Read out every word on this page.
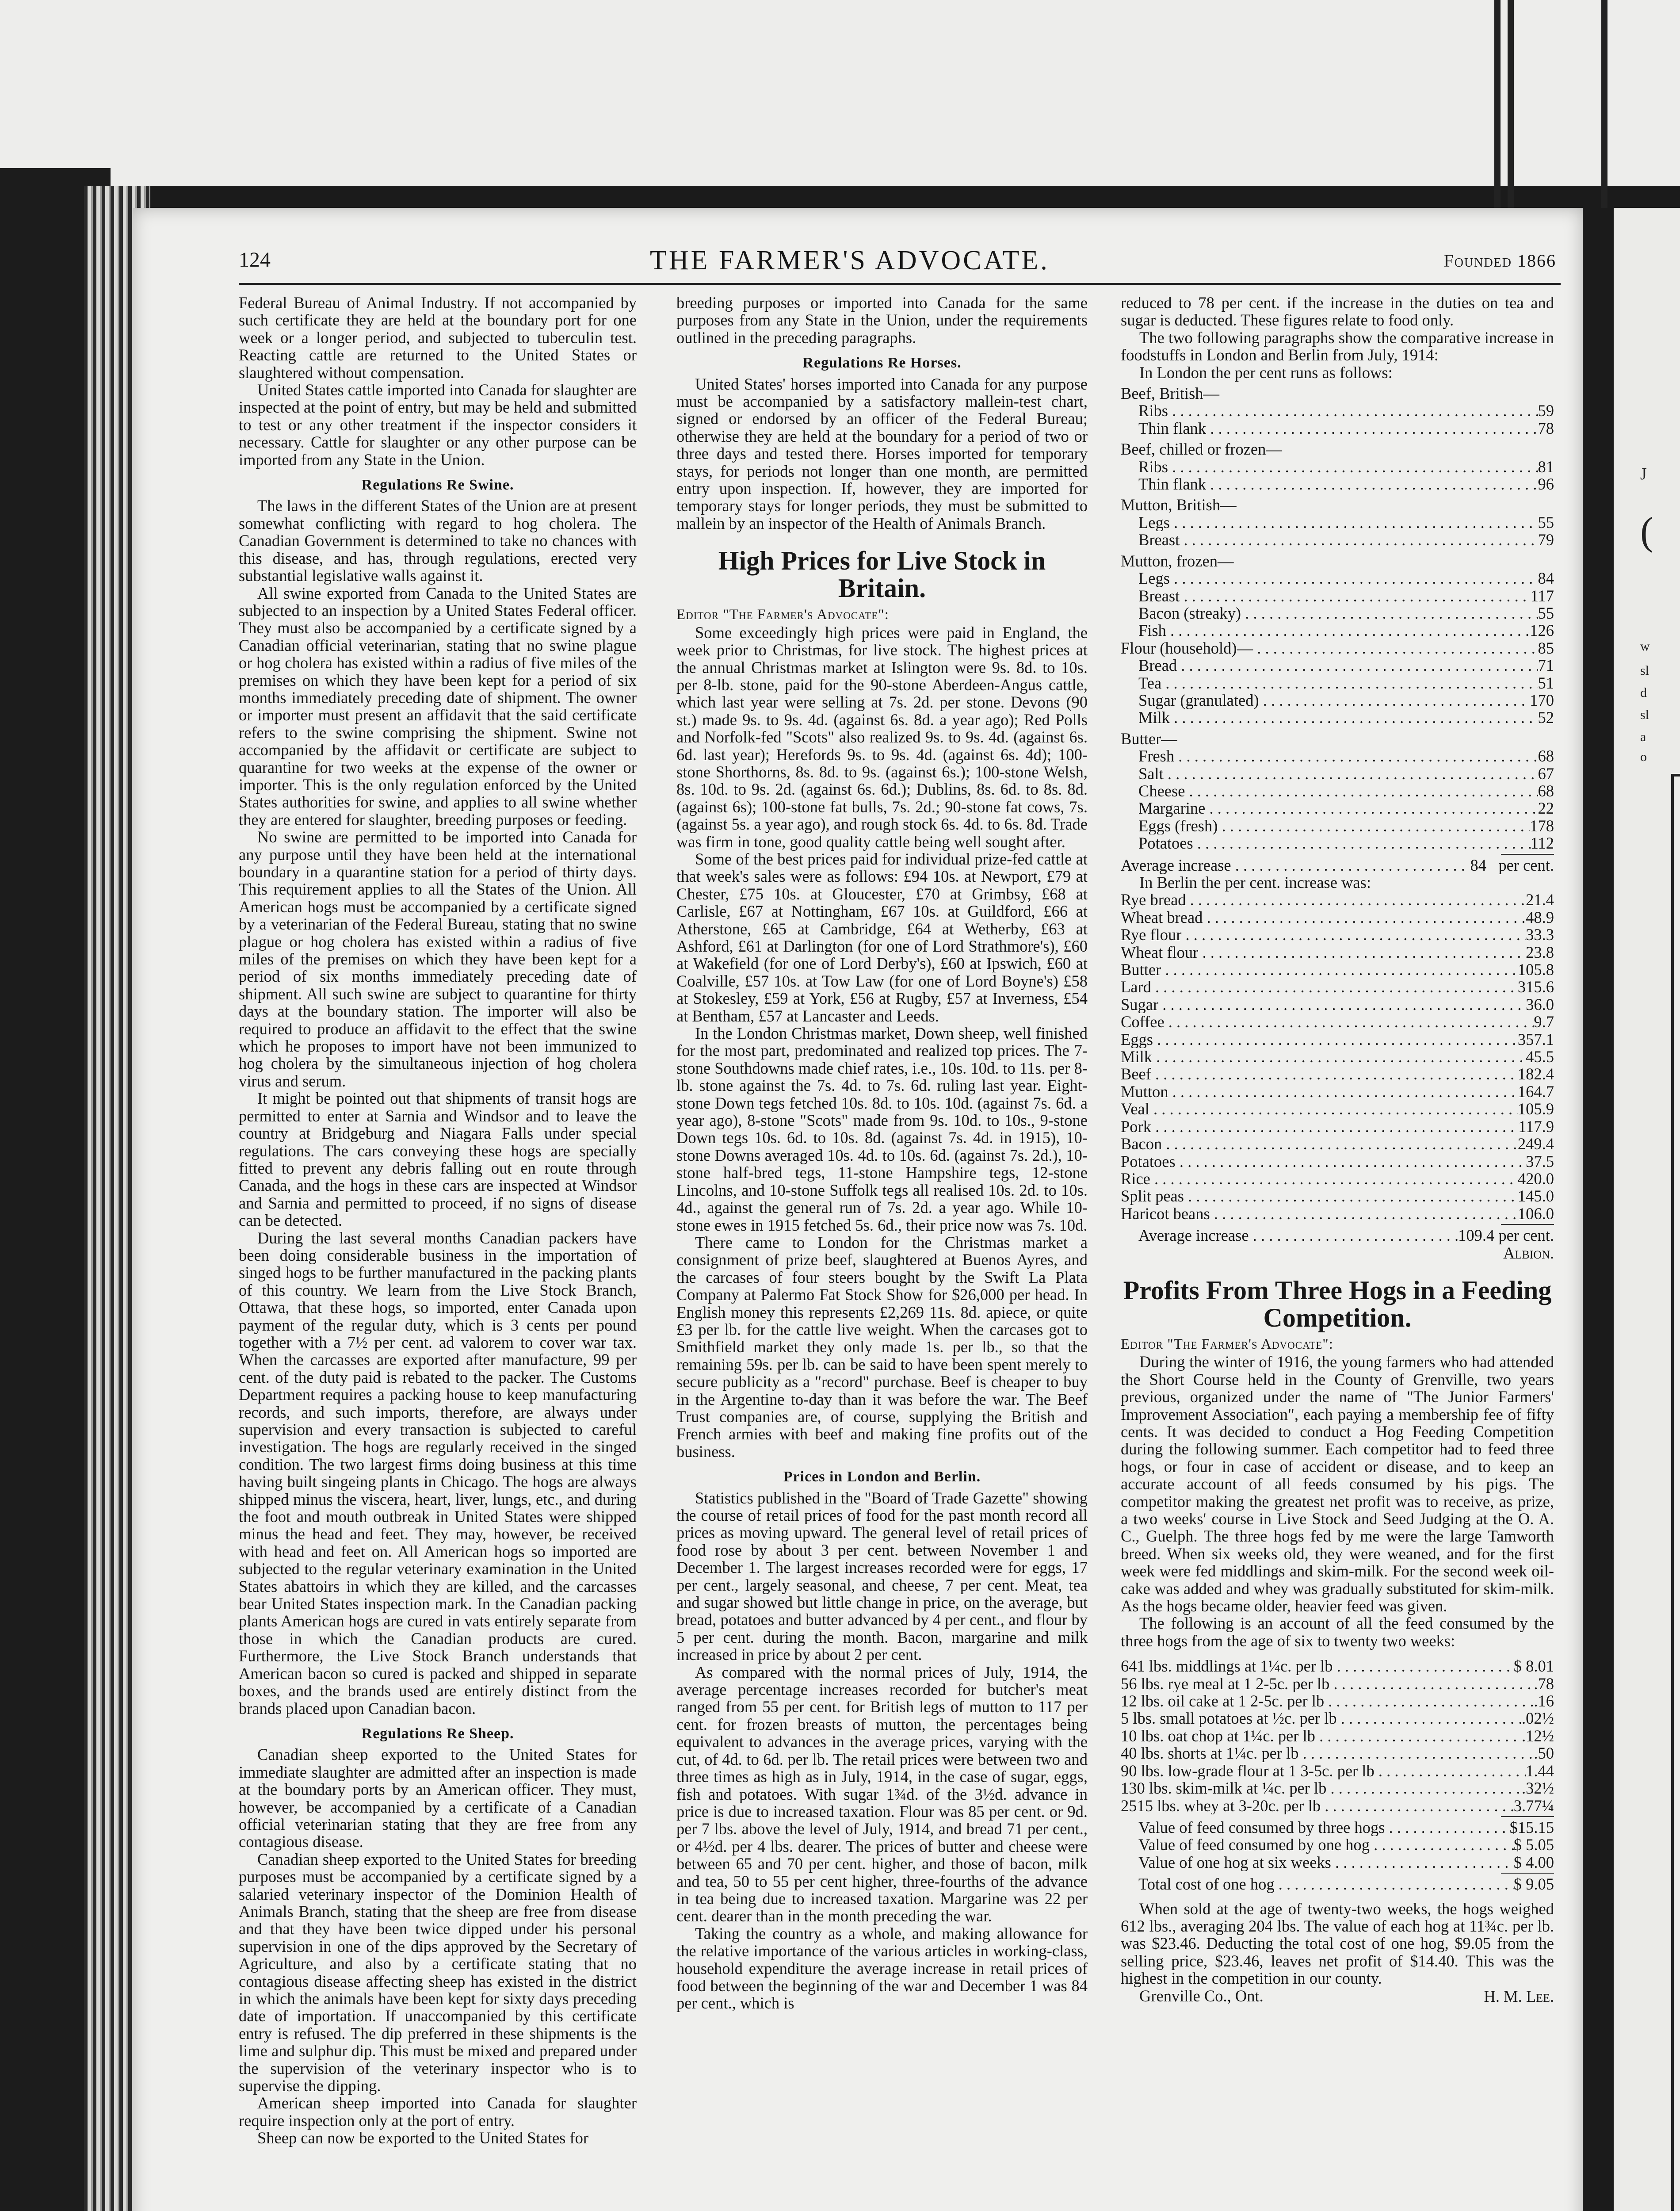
J
(
w
sl
d
sl
a
o
124	THE FARMER'S ADVOCATE.	Founded 1866

Federal Bureau of Animal Industry. If not accompanied by such certificate they are held at the boundary port for one week or a longer period, and subjected to tuberculin test. Reacting cattle are returned to the United States or slaughtered without compensation.

United States cattle imported into Canada for slaughter are inspected at the point of entry, but may be held and submitted to test or any other treatment if the inspector considers it necessary. Cattle for slaughter or any other purpose can be imported from any State in the Union.

Regulations Re Swine.

The laws in the different States of the Union are at present somewhat conflicting with regard to hog cholera. The Canadian Government is determined to take no chances with this disease, and has, through regulations, erected very substantial legislative walls against it.

All swine exported from Canada to the United States are subjected to an inspection by a United States Federal officer. They must also be accompanied by a certificate signed by a Canadian official veterinarian, stating that no swine plague or hog cholera has existed within a radius of five miles of the premises on which they have been kept for a period of six months immediately preceding date of shipment. The owner or importer must present an affidavit that the said certificate refers to the swine comprising the shipment. Swine not accompanied by the affidavit or certificate are subject to quarantine for two weeks at the expense of the owner or importer. This is the only regulation enforced by the United States authorities for swine, and applies to all swine whether they are entered for slaughter, breeding purposes or feeding.

No swine are permitted to be imported into Canada for any purpose until they have been held at the international boundary in a quarantine station for a period of thirty days. This requirement applies to all the States of the Union. All American hogs must be accompanied by a certificate signed by a veterinarian of the Federal Bureau, stating that no swine plague or hog cholera has existed within a radius of five miles of the premises on which they have been kept for a period of six months immediately preceding date of shipment. All such swine are subject to quarantine for thirty days at the boundary station. The importer will also be required to produce an affidavit to the effect that the swine which he proposes to import have not been immunized to hog cholera by the simultaneous injection of hog cholera virus and serum.

It might be pointed out that shipments of transit hogs are permitted to enter at Sarnia and Windsor and to leave the country at Bridgeburg and Niagara Falls under special regulations. The cars conveying these hogs are specially fitted to prevent any debris falling out en route through Canada, and the hogs in these cars are inspected at Windsor and Sarnia and permitted to proceed, if no signs of disease can be detected.

During the last several months Canadian packers have been doing considerable business in the importation of singed hogs to be further manufactured in the packing plants of this country. We learn from the Live Stock Branch, Ottawa, that these hogs, so imported, enter Canada upon payment of the regular duty, which is 3 cents per pound together with a 7½ per cent. ad valorem to cover war tax. When the carcasses are exported after manufacture, 99 per cent. of the duty paid is rebated to the packer. The Customs Department requires a packing house to keep manufacturing records, and such imports, therefore, are always under supervision and every transaction is subjected to careful investigation. The hogs are regularly received in the singed condition. The two largest firms doing business at this time having built singeing plants in Chicago. The hogs are always shipped minus the viscera, heart, liver, lungs, etc., and during the foot and mouth outbreak in United States were shipped minus the head and feet. They may, however, be received with head and feet on. All American hogs so imported are subjected to the regular veterinary examination in the United States abattoirs in which they are killed, and the carcasses bear United States inspection mark. In the Canadian packing plants American hogs are cured in vats entirely separate from those in which the Canadian products are cured. Furthermore, the Live Stock Branch understands that American bacon so cured is packed and shipped in separate boxes, and the brands used are entirely distinct from the brands placed upon Canadian bacon.

Regulations Re Sheep.

Canadian sheep exported to the United States for immediate slaughter are admitted after an inspection is made at the boundary ports by an American officer. They must, however, be accompanied by a certificate of a Canadian official veterinarian stating that they are free from any contagious disease.

Canadian sheep exported to the United States for breeding purposes must be accompanied by a certificate signed by a salaried veterinary inspector of the Dominion Health of Animals Branch, stating that the sheep are free from disease and that they have been twice dipped under his personal supervision in one of the dips approved by the Secretary of Agriculture, and also by a certificate stating that no contagious disease affecting sheep has existed in the district in which the animals have been kept for sixty days preceding date of importation. If unaccompanied by this certificate entry is refused. The dip preferred in these shipments is the lime and sulphur dip. This must be mixed and prepared under the supervision of the veterinary inspector who is to supervise the dipping.

American sheep imported into Canada for slaughter require inspection only at the port of entry.

Sheep can now be exported to the United States for

breeding purposes or imported into Canada for the same purposes from any State in the Union, under the requirements outlined in the preceding paragraphs.

Regulations Re Horses.

United States' horses imported into Canada for any purpose must be accompanied by a satisfactory mallein-test chart, signed or endorsed by an officer of the Federal Bureau; otherwise they are held at the boundary for a period of two or three days and tested there. Horses imported for temporary stays, for periods not longer than one month, are permitted entry upon inspection. If, however, they are imported for temporary stays for longer periods, they must be submitted to mallein by an inspector of the Health of Animals Branch.

High Prices for Live Stock in Britain.

Editor "The Farmer's Advocate":

Some exceedingly high prices were paid in England, the week prior to Christmas, for live stock. The highest prices at the annual Christmas market at Islington were 9s. 8d. to 10s. per 8-lb. stone, paid for the 90-stone Aberdeen-Angus cattle, which last year were selling at 7s. 2d. per stone. Devons (90 st.) made 9s. to 9s. 4d. (against 6s. 8d. a year ago); Red Polls and Norfolk-fed "Scots" also realized 9s. to 9s. 4d. (against 6s. 6d. last year); Herefords 9s. to 9s. 4d. (against 6s. 4d); 100-stone Shorthorns, 8s. 8d. to 9s. (against 6s.); 100-stone Welsh, 8s. 10d. to 9s. 2d. (against 6s. 6d.); Dublins, 8s. 6d. to 8s. 8d. (against 6s); 100-stone fat bulls, 7s. 2d.; 90-stone fat cows, 7s. (against 5s. a year ago), and rough stock 6s. 4d. to 6s. 8d. Trade was firm in tone, good quality cattle being well sought after.

Some of the best prices paid for individual prize-fed cattle at that week's sales were as follows: £94 10s. at Newport, £79 at Chester, £75 10s. at Gloucester, £70 at Grimbsy, £68 at Carlisle, £67 at Nottingham, £67 10s. at Guildford, £66 at Atherstone, £65 at Cambridge, £64 at Wetherby, £63 at Ashford, £61 at Darlington (for one of Lord Strathmore's), £60 at Wakefield (for one of Lord Derby's), £60 at Ipswich, £60 at Coalville, £57 10s. at Tow Law (for one of Lord Boyne's) £58 at Stokesley, £59 at York, £56 at Rugby, £57 at Inverness, £54 at Bentham, £57 at Lancaster and Leeds.

In the London Christmas market, Down sheep, well finished for the most part, predominated and realized top prices. The 7-stone Southdowns made chief rates, i.e., 10s. 10d. to 11s. per 8-lb. stone against the 7s. 4d. to 7s. 6d. ruling last year. Eight-stone Down tegs fetched 10s. 8d. to 10s. 10d. (against 7s. 6d. a year ago), 8-stone "Scots" made from 9s. 10d. to 10s., 9-stone Down tegs 10s. 6d. to 10s. 8d. (against 7s. 4d. in 1915), 10-stone Downs averaged 10s. 4d. to 10s. 6d. (against 7s. 2d.), 10-stone half-bred tegs, 11-stone Hampshire tegs, 12-stone Lincolns, and 10-stone Suffolk tegs all realised 10s. 2d. to 10s. 4d., against the general run of 7s. 2d. a year ago. While 10-stone ewes in 1915 fetched 5s. 6d., their price now was 7s. 10d.

There came to London for the Christmas market a consignment of prize beef, slaughtered at Buenos Ayres, and the carcases of four steers bought by the Swift La Plata Company at Palermo Fat Stock Show for $26,000 per head. In English money this represents £2,269 11s. 8d. apiece, or quite £3 per lb. for the cattle live weight. When the carcases got to Smithfield market they only made 1s. per lb., so that the remaining 59s. per lb. can be said to have been spent merely to secure publicity as a "record" purchase. Beef is cheaper to buy in the Argentine to-day than it was before the war. The Beef Trust companies are, of course, supplying the British and French armies with beef and making fine profits out of the business.

Prices in London and Berlin.

Statistics published in the "Board of Trade Gazette" showing the course of retail prices of food for the past month record all prices as moving upward. The general level of retail prices of food rose by about 3 per cent. between November 1 and December 1. The largest increases recorded were for eggs, 17 per cent., largely seasonal, and cheese, 7 per cent. Meat, tea and sugar showed but little change in price, on the average, but bread, potatoes and butter advanced by 4 per cent., and flour by 5 per cent. during the month. Bacon, margarine and milk increased in price by about 2 per cent.

As compared with the normal prices of July, 1914, the average percentage increases recorded for butcher's meat ranged from 55 per cent. for British legs of mutton to 117 per cent. for frozen breasts of mutton, the percentages being equivalent to advances in the average prices, varying with the cut, of 4d. to 6d. per lb. The retail prices were between two and three times as high as in July, 1914, in the case of sugar, eggs, fish and potatoes. With sugar 1¾d. of the 3½d. advance in price is due to increased taxation. Flour was 85 per cent. or 9d. per 7 lbs. above the level of July, 1914, and bread 71 per cent., or 4½d. per 4 lbs. dearer. The prices of butter and cheese were between 65 and 70 per cent. higher, and those of bacon, milk and tea, 50 to 55 per cent higher, three-fourths of the advance in tea being due to increased taxation. Margarine was 22 per cent. dearer than in the month preceding the war.

Taking the country as a whole, and making allowance for the relative importance of the various articles in working-class, household expenditure the average increase in retail prices of food between the beginning of the war and December 1 was 84 per cent., which is

reduced to 78 per cent. if the increase in the duties on tea and sugar is deducted. These figures relate to food only.

The two following paragraphs show the comparative increase in foodstuffs in London and Berlin from July, 1914:

In London the per cent runs as follows:

Beef, British—
Ribs . . .	59
Thin flank . . .	78
Beef, chilled or frozen—
Ribs . . .	81
Thin flank . . .	96
Mutton, British—
Legs . . .	55
Breast . . .	79
Mutton, frozen—
Legs . . .	84
Breast . . .	117
Bacon (streaky) . . .	55
Fish . . .	126
Flour (household)— . . .	85
Bread . . .	71
Tea . . .	51
Sugar (granulated) . . .	170
Milk . . .	52
Butter—
Fresh . . .	68
Salt . . .	67
Cheese . . .	68
Margarine . . .	22
Eggs (fresh) . . .	178
Potatoes . . .	112
Average increase . . .	84 per cent.

In Berlin the per cent. increase was:

Rye bread . . .	21.4
Wheat bread . . .	48.9
Rye flour . . .	33.3
Wheat flour . . .	23.8
Butter . . .	105.8
Lard . . .	315.6
Sugar . . .	36.0
Coffee . . .	9.7
Eggs . . .	357.1
Milk . . .	45.5
Beef . . .	182.4
Mutton . . .	164.7
Veal . . .	105.9
Pork . . .	117.9
Bacon . . .	249.4
Potatoes . . .	37.5
Rice . . .	420.0
Split peas . . .	145.0
Haricot beans . . .	106.0
Average increase . . .	109.4 per cent.

Albion.

Profits From Three Hogs in a Feeding Competition.

Editor "The Farmer's Advocate":

During the winter of 1916, the young farmers who had attended the Short Course held in the County of Grenville, two years previous, organized under the name of "The Junior Farmers' Improvement Association", each paying a membership fee of fifty cents. It was decided to conduct a Hog Feeding Competition during the following summer. Each competitor had to feed three hogs, or four in case of accident or disease, and to keep an accurate account of all feeds consumed by his pigs. The competitor making the greatest net profit was to receive, as prize, a two weeks' course in Live Stock and Seed Judging at the O. A. C., Guelph. The three hogs fed by me were the large Tamworth breed. When six weeks old, they were weaned, and for the first week were fed middlings and skim-milk. For the second week oil-cake was added and whey was gradually substituted for skim-milk. As the hogs became older, heavier feed was given.

The following is an account of all the feed consumed by the three hogs from the age of six to twenty two weeks:

641 lbs. middlings at 1¼c. per lb . . .	$ 8.01
56 lbs. rye meal at 1 2-5c. per lb . . .	.78
12 lbs. oil cake at 1 2-5c. per lb . . .	.16
5 lbs. small potatoes at ½c. per lb . . .	.02½
10 lbs. oat chop at 1¼c. per lb . . .	.12½
40 lbs. shorts at 1¼c. per lb . . .	.50
90 lbs. low-grade flour at 1 3-5c. per lb . . .	1.44
130 lbs. skim-milk at ¼c. per lb . . .	.32½
2515 lbs. whey at 3-20c. per lb . . .	3.77¼
Value of feed consumed by three hogs . . .	$15.15
Value of feed consumed by one hog . . .	$ 5.05
Value of one hog at six weeks . . .	$ 4.00
Total cost of one hog . . .	$ 9.05

When sold at the age of twenty-two weeks, the hogs weighed 612 lbs., averaging 204 lbs. The value of each hog at 11¾c. per lb. was $23.46. Deducting the total cost of one hog, $9.05 from the selling price, $23.46, leaves net profit of $14.40. This was the highest in the competition in our county.

Grenville Co., Ont.	H. M. Lee.
